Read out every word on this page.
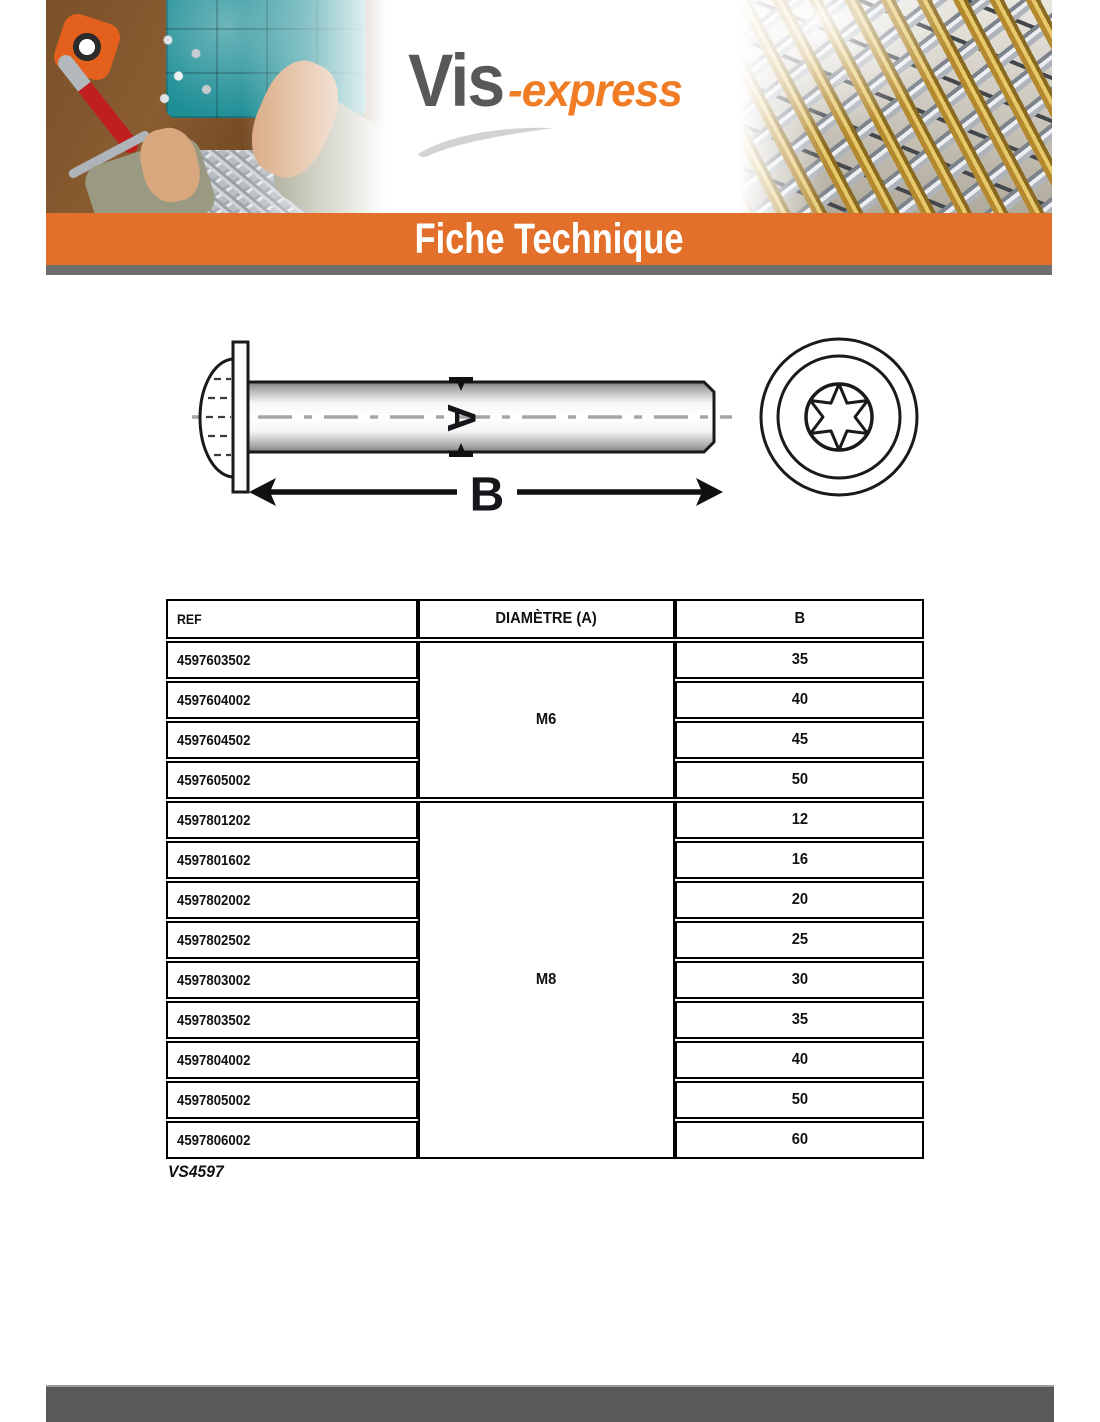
Vis -express
Fiche Technique
A
B
REF	DIAMÈTRE (A)	B
4597603502	M6	35
4597604002		40
4597604502		45
4597605002		50
4597801202	M8	12
4597801602		16
4597802002		20
4597802502		25
4597803002		30
4597803502		35
4597804002		40
4597805002		50
4597806002		60
VS4597
